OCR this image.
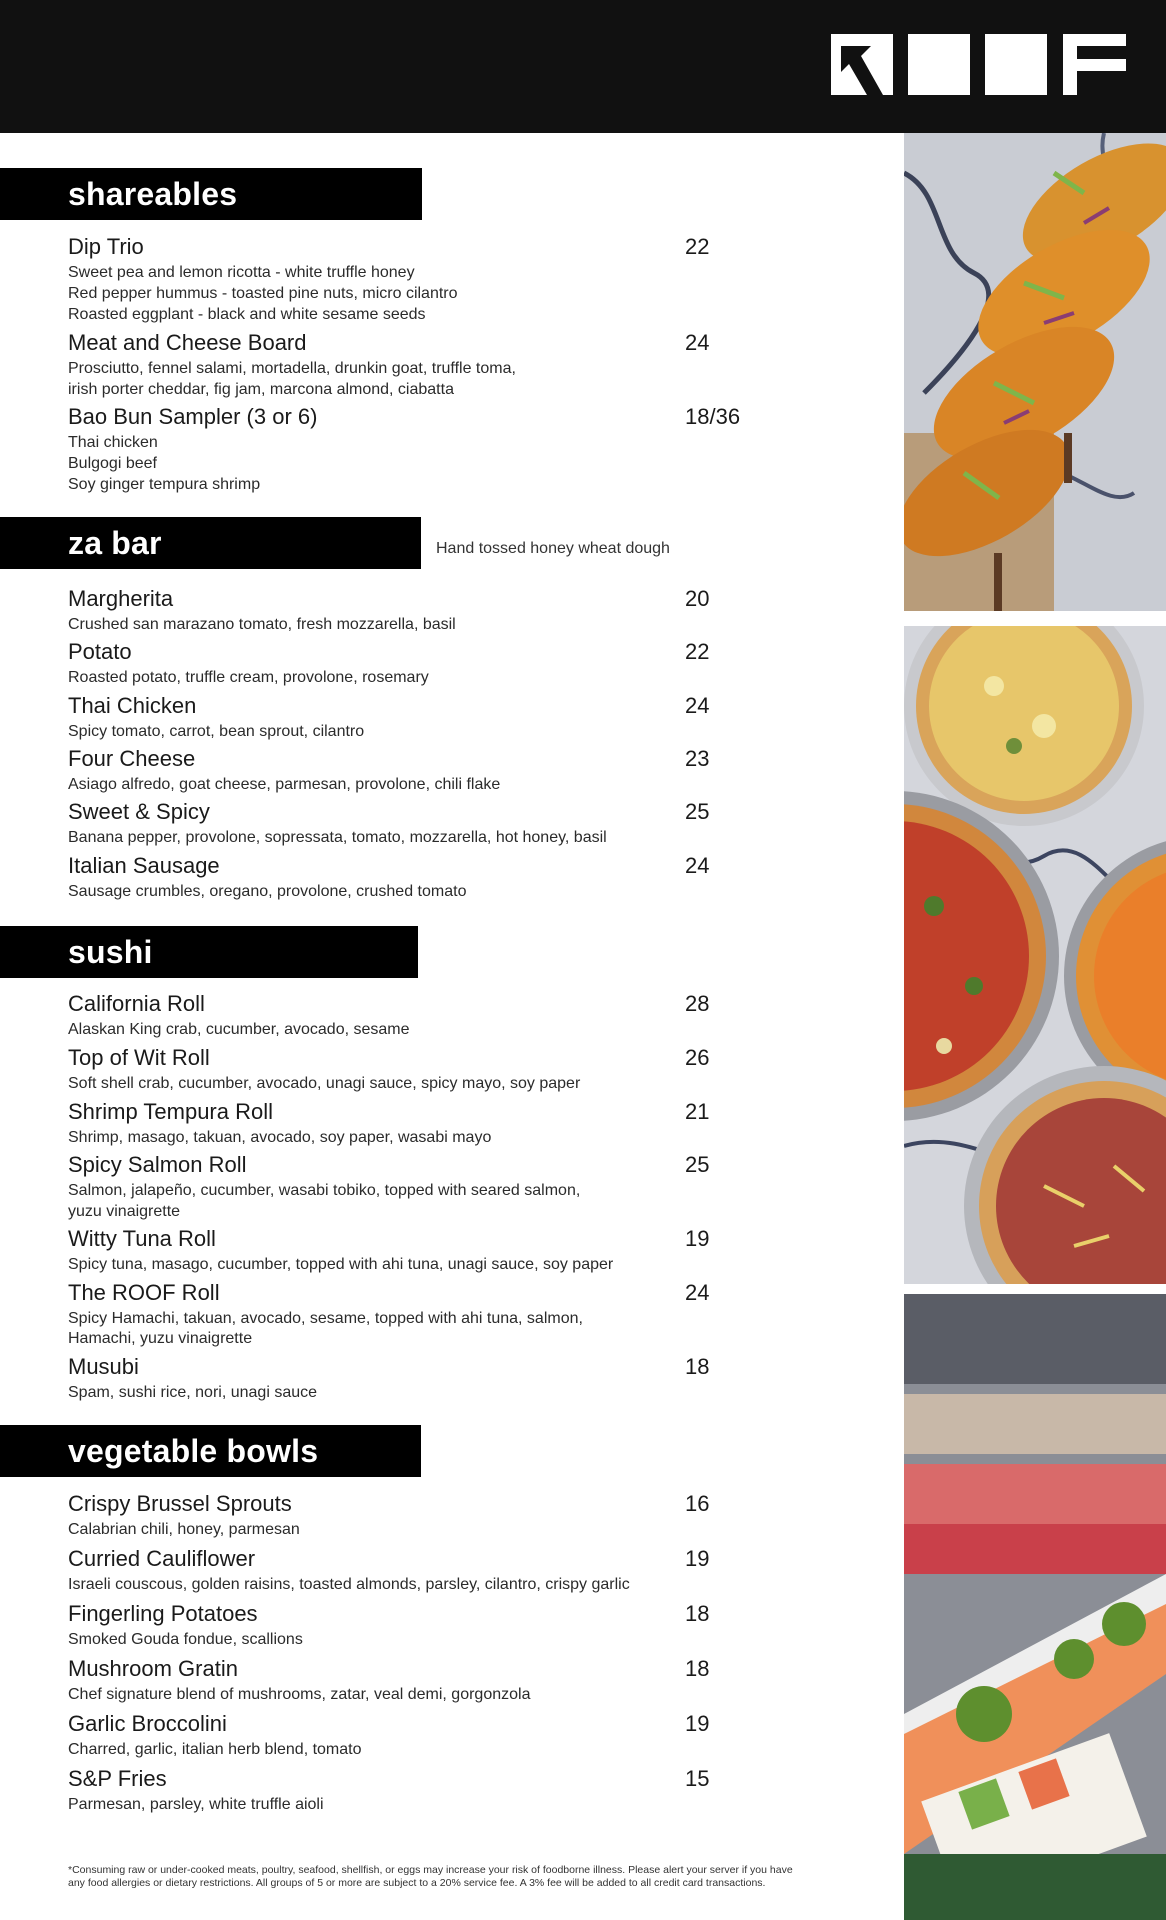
shareables
Dip Trio	22
Sweet pea and lemon ricotta - white truffle honey
Red pepper hummus - toasted pine nuts, micro cilantro
Roasted eggplant - black and white sesame seeds
Meat and Cheese Board	24
Prosciutto, fennel salami, mortadella, drunkin goat, truffle toma,
irish porter cheddar, fig jam, marcona almond, ciabatta
Bao Bun Sampler (3 or 6)	18/36
Thai chicken
Bulgogi beef
Soy ginger tempura shrimp
za bar	Hand tossed honey wheat dough
Margherita	20
Crushed san marazano tomato, fresh mozzarella, basil
Potato	22
Roasted potato, truffle cream, provolone, rosemary
Thai Chicken	24
Spicy tomato, carrot, bean sprout, cilantro
Four Cheese	23
Asiago alfredo, goat cheese, parmesan, provolone, chili flake
Sweet & Spicy	25
Banana pepper, provolone, sopressata, tomato, mozzarella, hot honey, basil
Italian Sausage	24
Sausage crumbles, oregano, provolone, crushed tomato
sushi
California Roll	28
Alaskan King crab, cucumber, avocado, sesame
Top of Wit Roll	26
Soft shell crab, cucumber, avocado, unagi sauce, spicy mayo, soy paper
Shrimp Tempura Roll	21
Shrimp, masago, takuan, avocado, soy paper, wasabi mayo
Spicy Salmon Roll	25
Salmon, jalapeño, cucumber, wasabi tobiko, topped with seared salmon,
yuzu vinaigrette
Witty Tuna Roll	19
Spicy tuna, masago, cucumber, topped with ahi tuna, unagi sauce, soy paper
The ROOF Roll	24
Spicy Hamachi, takuan, avocado, sesame, topped with ahi tuna, salmon,
Hamachi, yuzu vinaigrette
Musubi	18
Spam, sushi rice, nori, unagi sauce
vegetable bowls
Crispy Brussel Sprouts	16
Calabrian chili, honey, parmesan
Curried Cauliflower	19
Israeli couscous, golden raisins, toasted almonds, parsley, cilantro, crispy garlic
Fingerling Potatoes	18
Smoked Gouda fondue, scallions
Mushroom Gratin	18
Chef signature blend of mushrooms, zatar, veal demi, gorgonzola
Garlic Broccolini	19
Charred, garlic, italian herb blend, tomato
S&P Fries	15
Parmesan, parsley, white truffle aioli
*Consuming raw or under-cooked meats, poultry, seafood, shellfish, or eggs may increase your risk of foodborne illness. Please alert your server if you have
any food allergies or dietary restrictions. All groups of 5 or more are subject to a 20% service fee. A 3% fee will be added to all credit card transactions.
